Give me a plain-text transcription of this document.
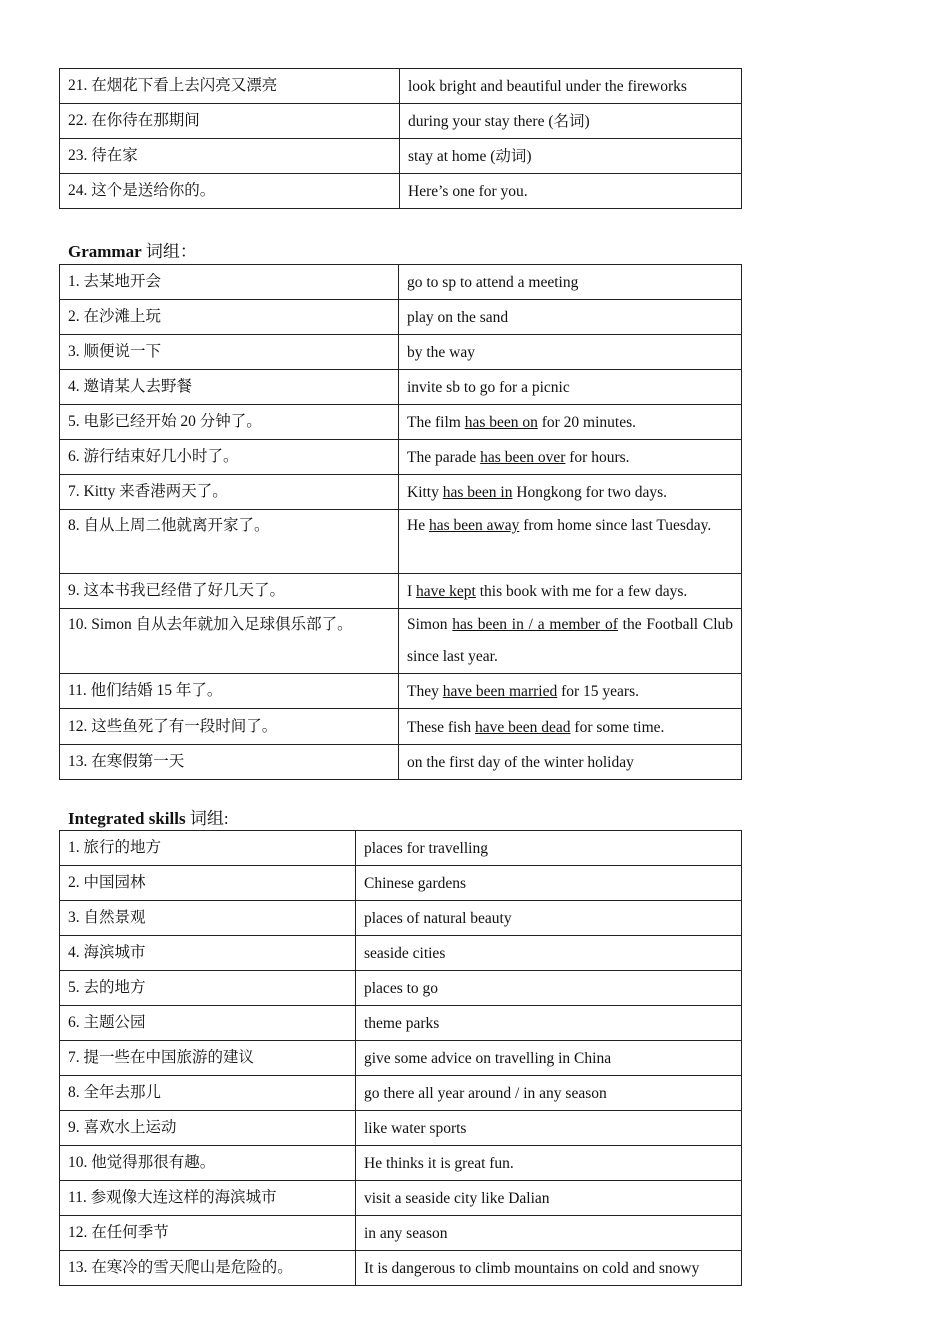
21. 在烟花下看上去闪亮又漂亮	look bright and beautiful under the fireworks
22. 在你待在那期间	during your stay there (名词)
23. 待在家	stay at home (动词)
24. 这个是送给你的。	Here’s one for you.
Grammar 词组：
1. 去某地开会	go to sp to attend a meeting
2. 在沙滩上玩	play on the sand
3. 顺便说一下	by the way
4. 邀请某人去野餐	invite sb to go for a picnic
5. 电影已经开始 20 分钟了。	The film has been on for 20 minutes.
6. 游行结束好几小时了。	The parade has been over for hours.
7. Kitty 来香港两天了。	Kitty has been in Hongkong for two days.
8. 自从上周二他就离开家了。	He has been away from home since last Tuesday.
9. 这本书我已经借了好几天了。	I have kept this book with me for a few days.
10. Simon 自从去年就加入足球俱乐部了。	Simon has been in / a member of the Football Club since last year.
11. 他们结婚 15 年了。	They have been married for 15 years.
12. 这些鱼死了有一段时间了。	These fish have been dead for some time.
13. 在寒假第一天	on the first day of the winter holiday
Integrated skills 词组:
1. 旅行的地方	places for travelling
2. 中国园林	Chinese gardens
3. 自然景观	places of natural beauty
4. 海滨城市	seaside cities
5. 去的地方	places to go
6. 主题公园	theme parks
7. 提一些在中国旅游的建议	give some advice on travelling in China
8. 全年去那儿	go there all year around / in any season
9. 喜欢水上运动	like water sports
10. 他觉得那很有趣。	He thinks it is great fun.
11. 参观像大连这样的海滨城市	visit a seaside city like Dalian
12. 在任何季节	in any season
13. 在寒冷的雪天爬山是危险的。	It is dangerous to climb mountains on cold and snowy
